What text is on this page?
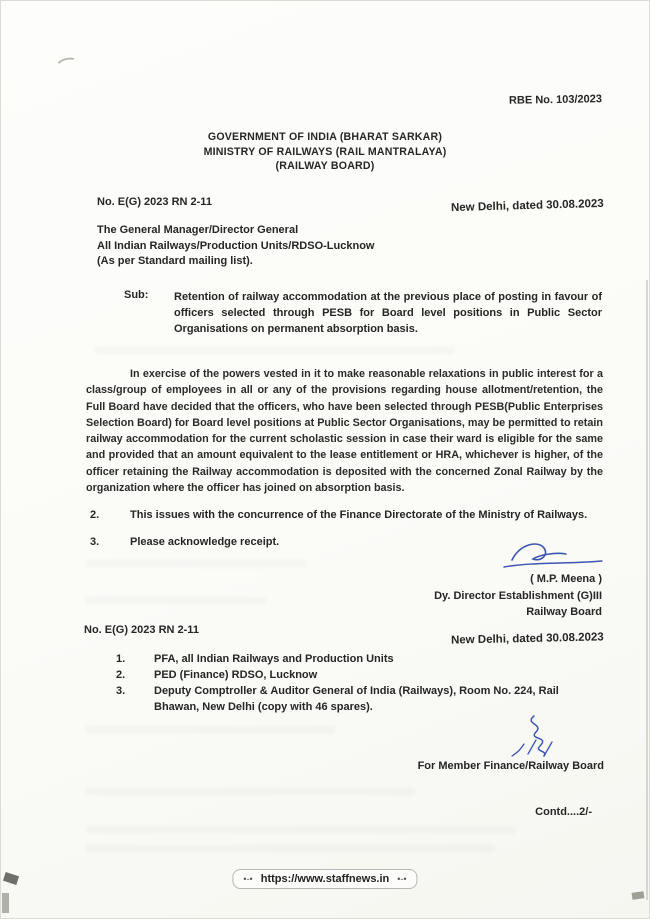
RBE No. 103/2023
GOVERNMENT OF INDIA (BHARAT SARKAR)
MINISTRY OF RAILWAYS (RAIL MANTRALAYA)
(RAILWAY BOARD)
No. E(G) 2023 RN 2-11	New Delhi, dated 30.08.2023
The General Manager/Director General
All Indian Railways/Production Units/RDSO-Lucknow
(As per Standard mailing list).
Sub:	Retention of railway accommodation at the previous place of posting in favour of officers selected through PESB for Board level positions in Public Sector Organisations on permanent absorption basis.
In exercise of the powers vested in it to make reasonable relaxations in public interest for a class/group of employees in all or any of the provisions regarding house allotment/retention, the Full Board have decided that the officers, who have been selected through PESB(Public Enterprises Selection Board) for Board level positions at Public Sector Organisations, may be permitted to retain railway accommodation for the current scholastic session in case their ward is eligible for the same and provided that an amount equivalent to the lease entitlement or HRA, whichever is higher, of the officer retaining the Railway accommodation is deposited with the concerned Zonal Railway by the organization where the officer has joined on absorption basis.
2.	This issues with the concurrence of the Finance Directorate of the Ministry of Railways.
3.	Please acknowledge receipt.
( M.P. Meena )
Dy. Director Establishment (G)III
Railway Board
No. E(G) 2023 RN 2-11
New Delhi, dated 30.08.2023
1.	PFA, all Indian Railways and Production Units
2.	PED (Finance) RDSO, Lucknow
3.	Deputy Comptroller & Auditor General of India (Railways), Room No. 224, Rail Bhawan, New Delhi (copy with 46 spares).
For Member Finance/Railway Board
Contd....2/-
•-• https://www.staffnews.in •-•
